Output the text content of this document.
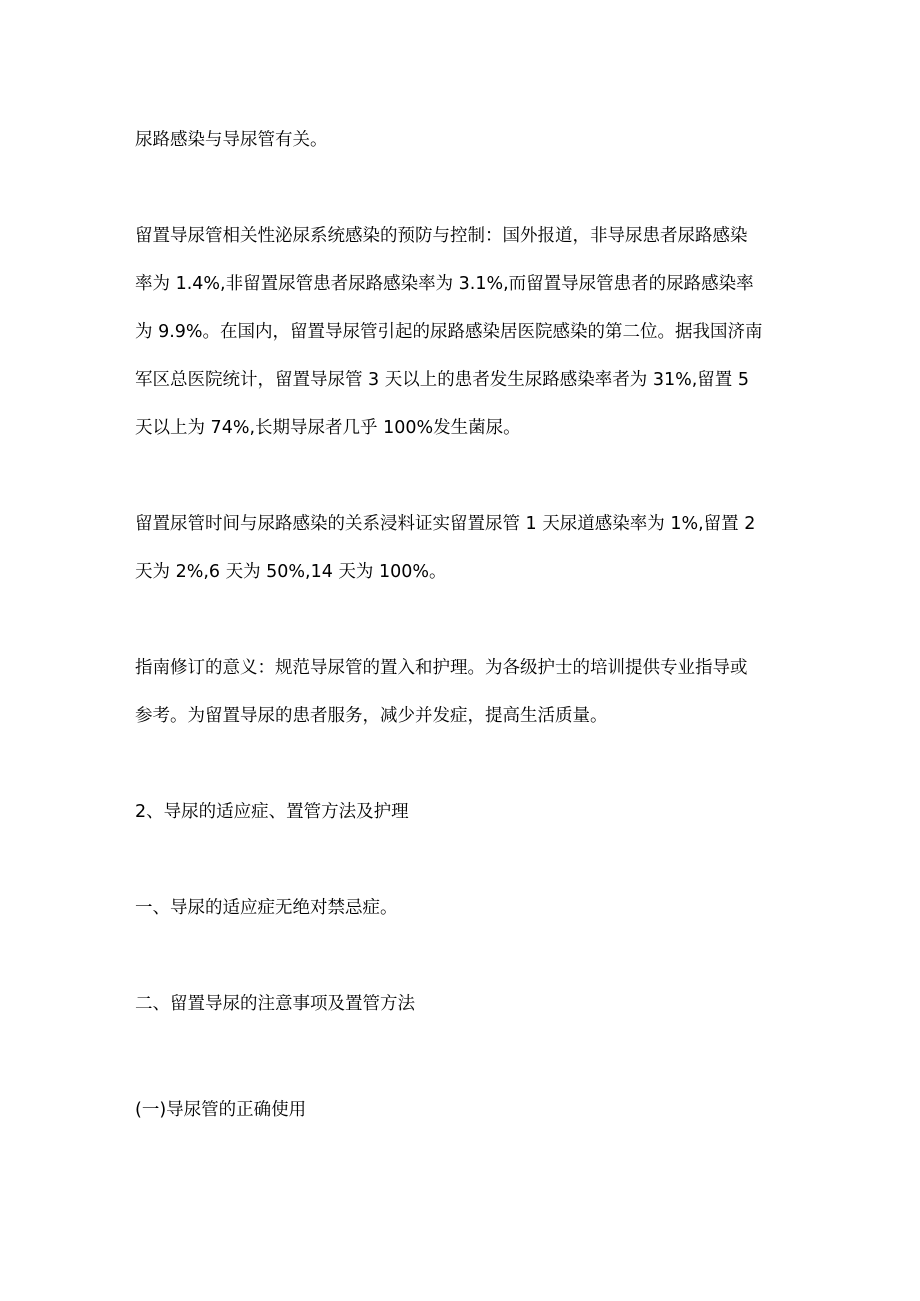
尿路感染与导尿管有关。
留置导尿管相关性泌尿系统感染的预防与控制：国外报道，非导尿患者尿路感染
率为 1.4%,非留置尿管患者尿路感染率为 3.1%,而留置导尿管患者的尿路感染率
为 9.9%。在国内，留置导尿管引起的尿路感染居医院感染的第二位。据我国济南
军区总医院统计，留置导尿管 3 天以上的患者发生尿路感染率者为 31%,留置 5
天以上为 74%,长期导尿者几乎 100%发生菌尿。
留置尿管时间与尿路感染的关系浸料证实留置尿管 1 天尿道感染率为 1%,留置 2
天为 2%,6 天为 50%,14 天为 100%。
指南修订的意义：规范导尿管的置入和护理。为各级护士的培训提供专业指导或
参考。为留置导尿的患者服务，减少并发症，提高生活质量。
2、导尿的适应症、置管方法及护理
一、导尿的适应症无绝对禁忌症。
二、留置导尿的注意事项及置管方法
(一)导尿管的正确使用
